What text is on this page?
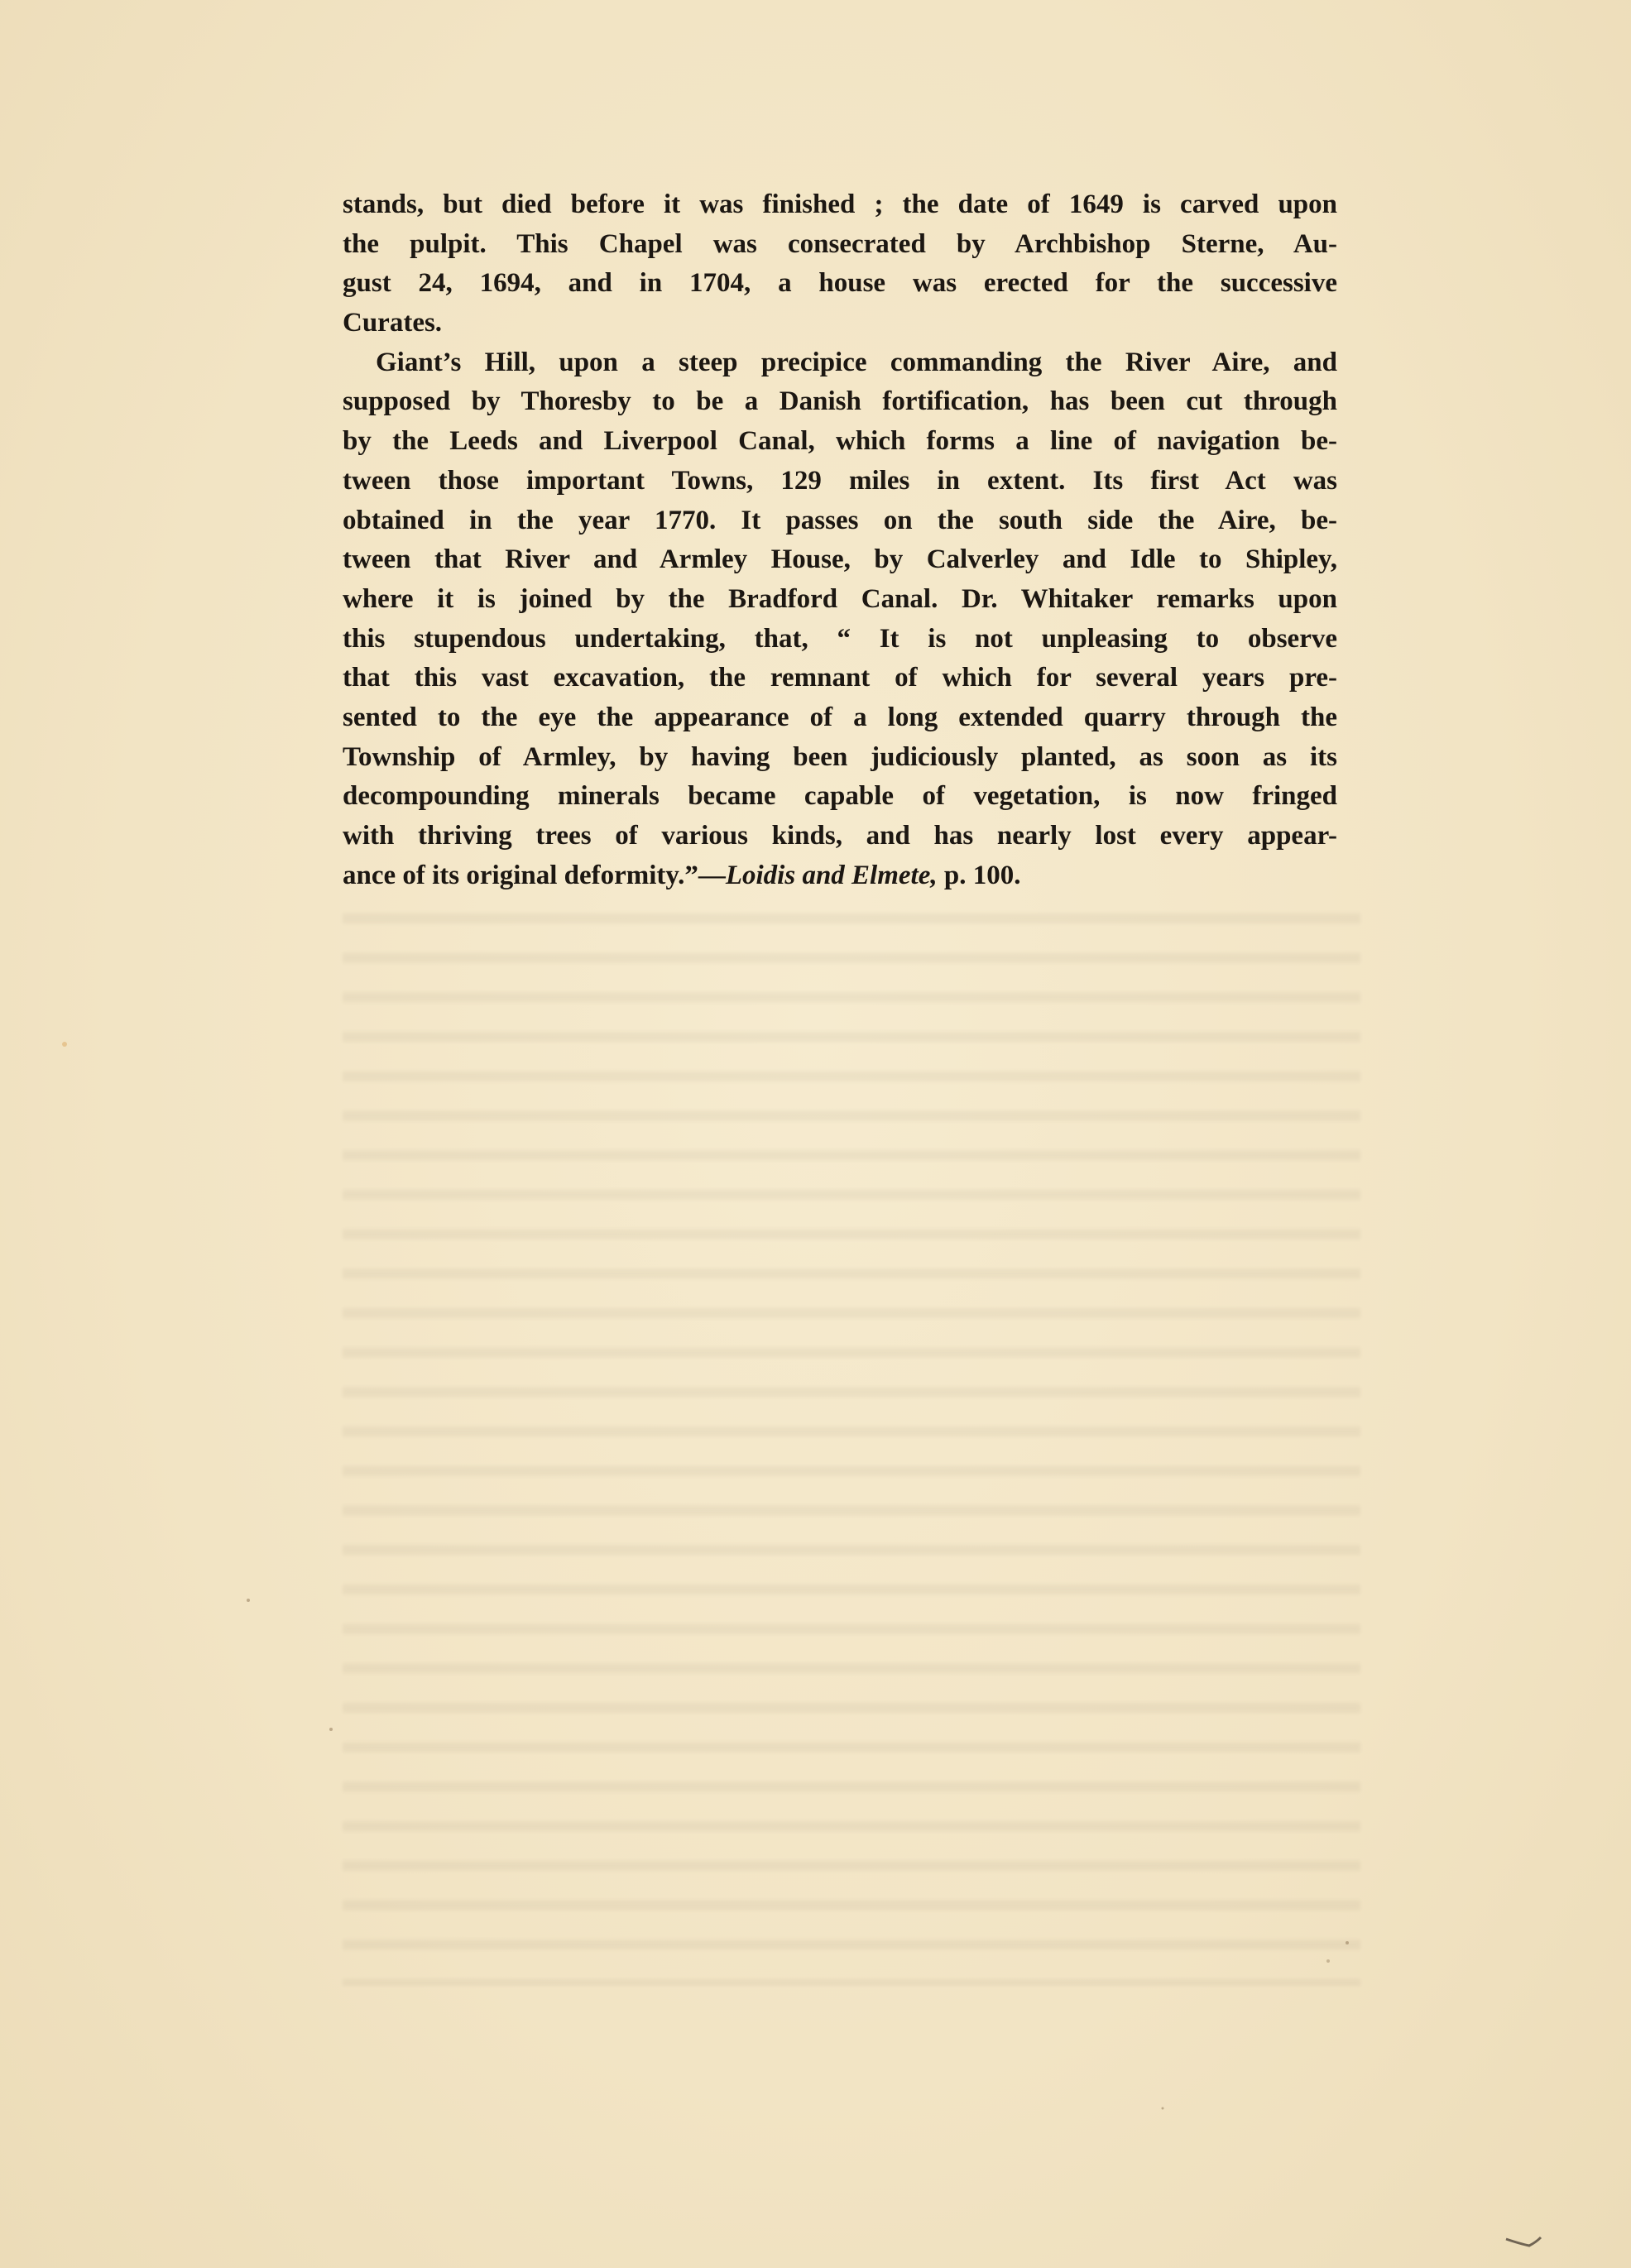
stands, but died before it was finished ; the date of 1649 is carved upon
the pulpit. This Chapel was consecrated by Archbishop Sterne, Au-
gust 24, 1694, and in 1704, a house was erected for the successive
Curates.
Giant’s Hill, upon a steep precipice commanding the River Aire, and
supposed by Thoresby to be a Danish fortification, has been cut through
by the Leeds and Liverpool Canal, which forms a line of navigation be-
tween those important Towns, 129 miles in extent. Its first Act was
obtained in the year 1770. It passes on the south side the Aire, be-
tween that River and Armley House, by Calverley and Idle to Shipley,
where it is joined by the Bradford Canal. Dr. Whitaker remarks upon
this stupendous undertaking, that, “ It is not unpleasing to observe
that this vast excavation, the remnant of which for several years pre-
sented to the eye the appearance of a long extended quarry through the
Township of Armley, by having been judiciously planted, as soon as its
decompounding minerals became capable of vegetation, is now fringed
with thriving trees of various kinds, and has nearly lost every appear-
ance of its original deformity.”—Loidis and Elmete, p. 100.
